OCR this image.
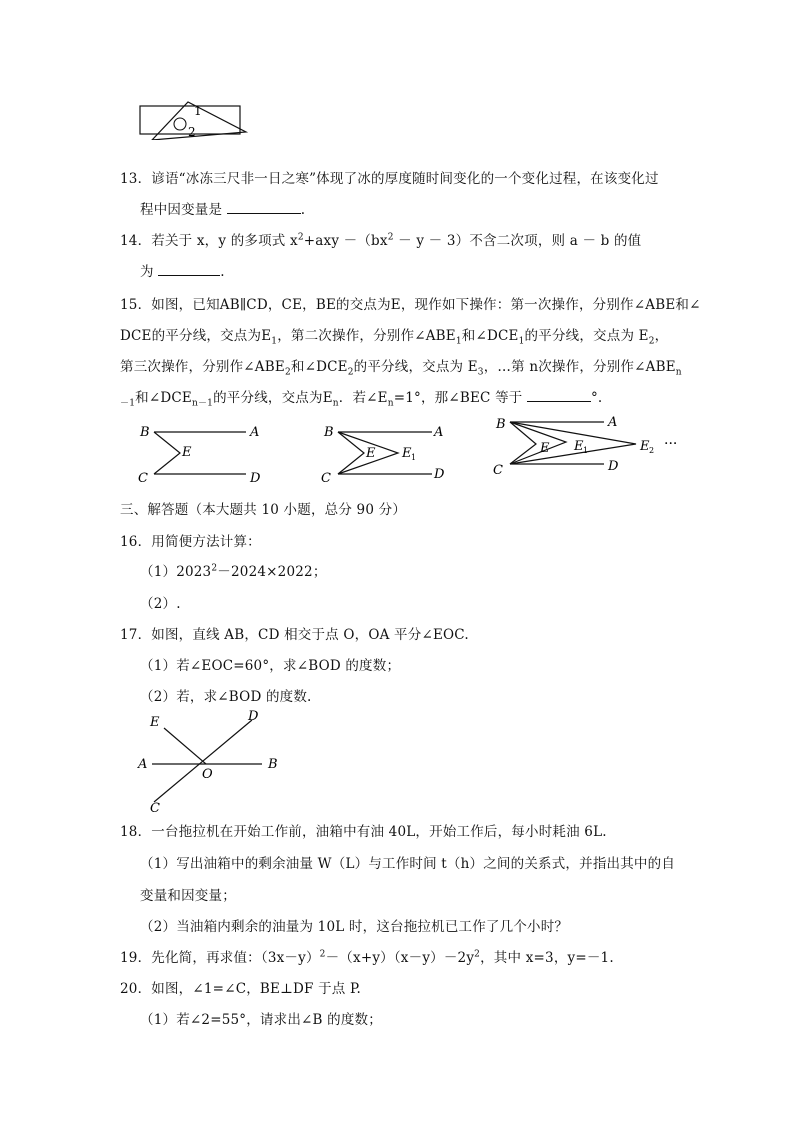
1
2
13．谚语“冰冻三尺非一日之寒”体现了冰的厚度随时间变化的一个变化过程，在该变化过
程中因变量是	.
14．若关于 x，y 的多项式 $x^2+axy -(bx^2 - y - 3)$不含二次项，则 a － b 的值
为	.
15．如图，已知AB∥CD，CE，BE的交点为E，现作如下操作：第一次操作，分别作∠ABE和∠
DCE的平分线，交点为$E_1$，第二次操作，分别作$\angle ABE_1$和$\angle DCE_1$的平分线，交点为 $E_2$，
第三次操作，分别作$\angle ABE_2$和$\angle DCE_2$的平分线，交点为 $E_3$，…第 n次操作，分别作$\angle ABE_n$
$_{-1}$和$\angle DCE_{n-1}$的平分线，交点为$E_n$．若$\angle E_n=1^\circ$，那∠BEC 等于	°.
B	A
C	D
E
B	A
C	D
E E 1
B	A
C	D
E E 1	E 2 ···
三、解答题（本大题共 10 小题，总分 90 分）
16．用简便方法计算：
$(1)2023^2-2024\times 2022$；
（2）.
17．如图，直线 AB，CD 相交于点 O，OA 平分∠EOC.
（1）若∠EOC=60°，求∠BOD 的度数；
（2）若，求∠BOD 的度数.
E	D
A
O
B
C
18．一台拖拉机在开始工作前，油箱中有油 40L，开始工作后，每小时耗油 6L.
（1）写出油箱中的剩余油量 W（L）与工作时间 t（h）之间的关系式，并指出其中的自
变量和因变量；
（2）当油箱内剩余的油量为 10L 时，这台拖拉机已工作了几个小时？
19．先化简，再求值：$(3x-y)^2-(x+y)(x-y)-2y^2$，其中 x=3，y=－1.
20．如图，∠1=∠C，BE⊥DF 于点 P.
（1）若∠2=55°，请求出∠B 的度数；
